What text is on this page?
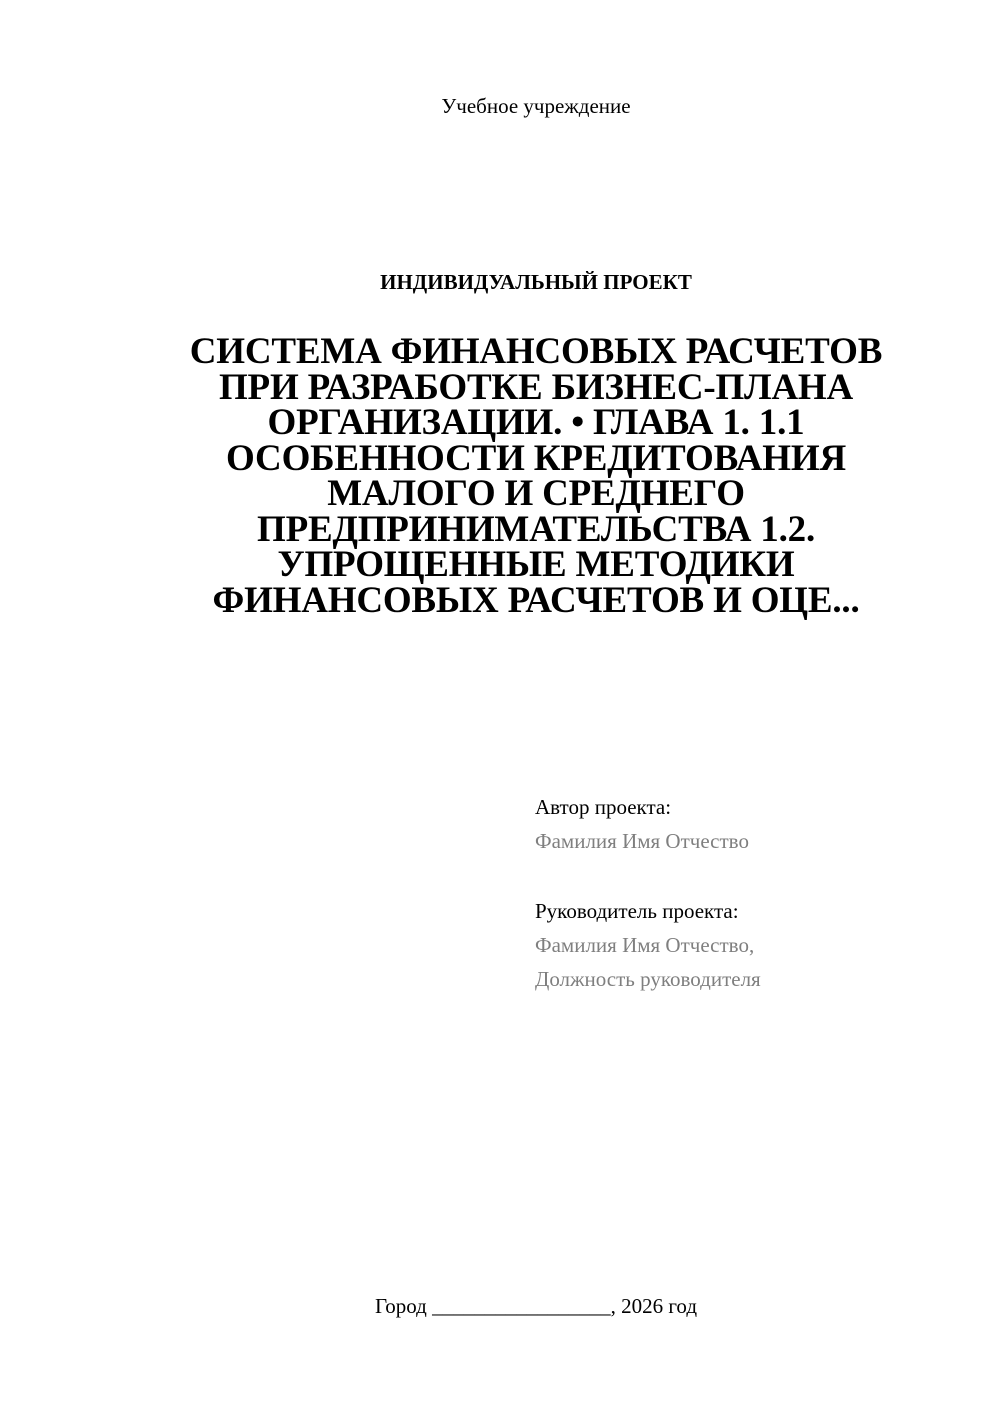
Учебное учреждение
ИНДИВИДУАЛЬНЫЙ ПРОЕКТ
СИСТЕМА ФИНАНСОВЫХ РАСЧЕТОВ ПРИ РАЗРАБОТКЕ БИЗНЕС-ПЛАНА ОРГАНИЗАЦИИ. • ГЛАВА 1. 1.1 ОСОБЕННОСТИ КРЕДИТОВАНИЯ МАЛОГО И СРЕДНЕГО ПРЕДПРИНИМАТЕЛЬСТВА 1.2. УПРОЩЕННЫЕ МЕТОДИКИ ФИНАНСОВЫХ РАСЧЕТОВ И ОЦЕ...
Автор проекта:
Фамилия Имя Отчество
Руководитель проекта:
Фамилия Имя Отчество,
Должность руководителя
Город _________________, 2026 год
